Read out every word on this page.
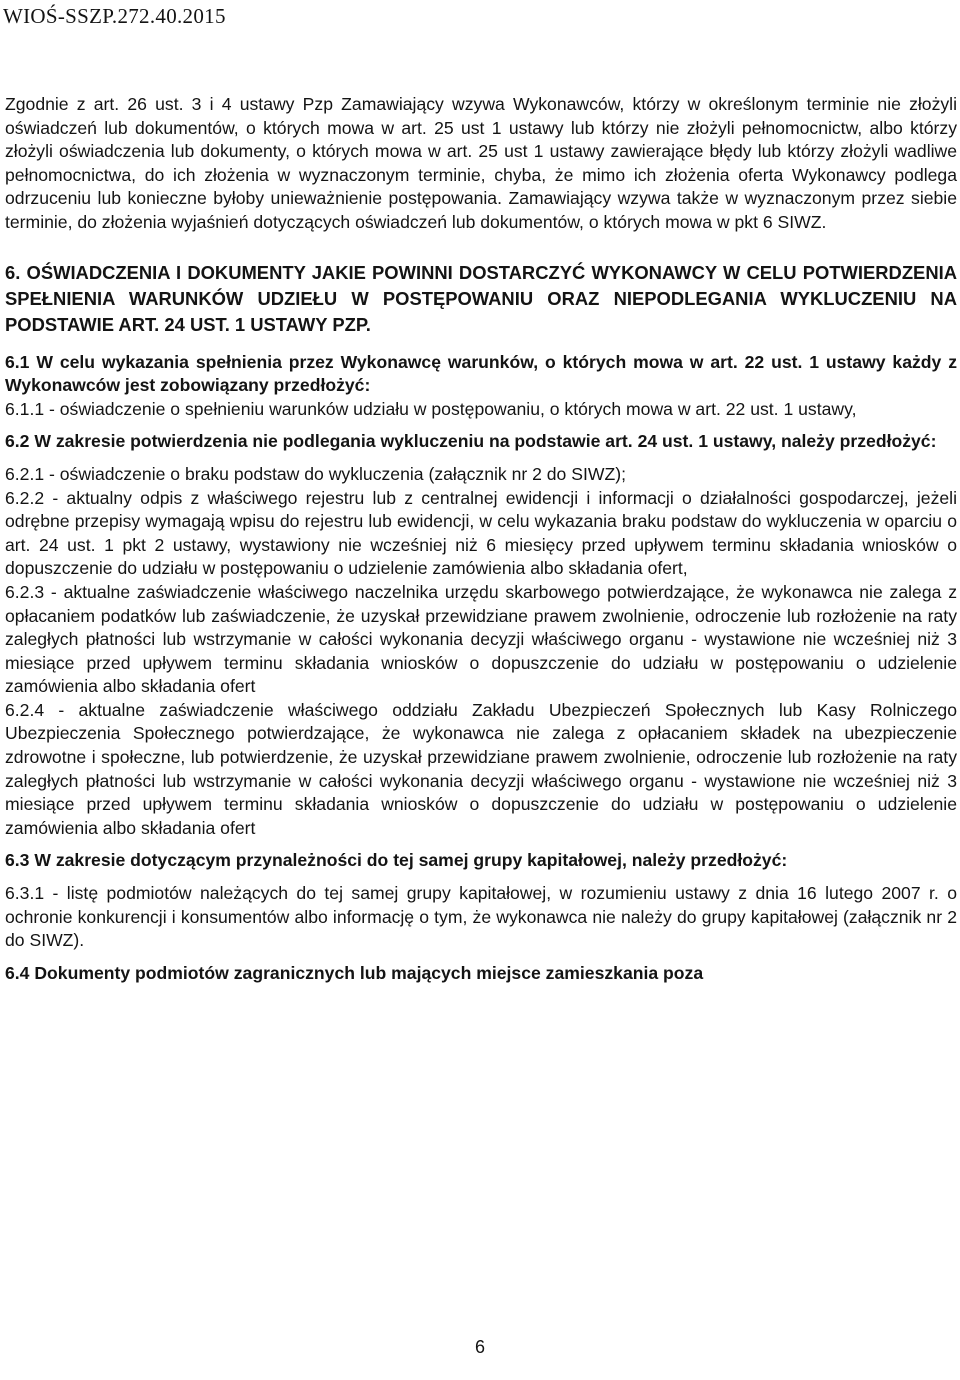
WIOŚ-SSZP.272.40.2015

Zgodnie z art. 26 ust. 3 i 4 ustawy Pzp Zamawiający wzywa Wykonawców, którzy w określonym terminie nie złożyli oświadczeń lub dokumentów, o których mowa w art. 25 ust 1 ustawy lub którzy nie złożyli pełnomocnictw, albo którzy złożyli oświadczenia lub dokumenty, o których mowa w art. 25 ust 1 ustawy zawierające błędy lub którzy złożyli wadliwe pełnomocnictwa, do ich złożenia w wyznaczonym terminie, chyba, że mimo ich złożenia oferta Wykonawcy podlega odrzuceniu lub konieczne byłoby unieważnienie postępowania. Zamawiający wzywa także w wyznaczonym przez siebie terminie, do złożenia wyjaśnień dotyczących oświadczeń lub dokumentów, o których mowa w pkt 6 SIWZ.

6. OŚWIADCZENIA I DOKUMENTY JAKIE POWINNI DOSTARCZYĆ WYKONAWCY W CELU POTWIERDZENIA SPEŁNIENIA WARUNKÓW UDZIEŁU W POSTĘPOWANIU ORAZ NIEPODLEGANIA WYKLUCZENIU NA PODSTAWIE ART. 24 UST. 1 USTAWY PZP.

6.1 W celu wykazania spełnienia przez Wykonawcę warunków, o których mowa w art. 22 ust. 1 ustawy każdy z Wykonawców jest zobowiązany przedłożyć:

6.1.1 - oświadczenie o spełnieniu warunków udziału w postępowaniu, o których mowa w art. 22 ust. 1 ustawy,

6.2 W zakresie potwierdzenia nie podlegania wykluczeniu na podstawie art. 24 ust. 1 ustawy, należy przedłożyć:

6.2.1 - oświadczenie o braku podstaw do wykluczenia (załącznik nr 2 do SIWZ);

6.2.2 - aktualny odpis z właściwego rejestru lub z centralnej ewidencji i informacji o działalności gospodarczej, jeżeli odrębne przepisy wymagają wpisu do rejestru lub ewidencji, w celu wykazania braku podstaw do wykluczenia w oparciu o art. 24 ust. 1 pkt 2 ustawy, wystawiony nie wcześniej niż 6 miesięcy przed upływem terminu składania wniosków o dopuszczenie do udziału w postępowaniu o udzielenie zamówienia albo składania ofert,

6.2.3 - aktualne zaświadczenie właściwego naczelnika urzędu skarbowego potwierdzające, że wykonawca nie zalega z opłacaniem podatków lub zaświadczenie, że uzyskał przewidziane prawem zwolnienie, odroczenie lub rozłożenie na raty zaległych płatności lub wstrzymanie w całości wykonania decyzji właściwego organu - wystawione nie wcześniej niż 3 miesiące przed upływem terminu składania wniosków o dopuszczenie do udziału w postępowaniu o udzielenie zamówienia albo składania ofert

6.2.4 - aktualne zaświadczenie właściwego oddziału Zakładu Ubezpieczeń Społecznych lub Kasy Rolniczego Ubezpieczenia Społecznego potwierdzające, że wykonawca nie zalega z opłacaniem składek na ubezpieczenie zdrowotne i społeczne, lub potwierdzenie, że uzyskał przewidziane prawem zwolnienie, odroczenie lub rozłożenie na raty zaległych płatności lub wstrzymanie w całości wykonania decyzji właściwego organu - wystawione nie wcześniej niż 3 miesiące przed upływem terminu składania wniosków o dopuszczenie do udziału w postępowaniu o udzielenie zamówienia albo składania ofert

6.3 W zakresie dotyczącym przynależności do tej samej grupy kapitałowej, należy przedłożyć:

6.3.1 - listę podmiotów należących do tej samej grupy kapitałowej, w rozumieniu ustawy z dnia 16 lutego 2007 r. o ochronie konkurencji i konsumentów albo informację o tym, że wykonawca nie należy do grupy kapitałowej (załącznik nr 2 do SIWZ).

6.4 Dokumenty podmiotów zagranicznych lub mających miejsce zamieszkania poza

6
